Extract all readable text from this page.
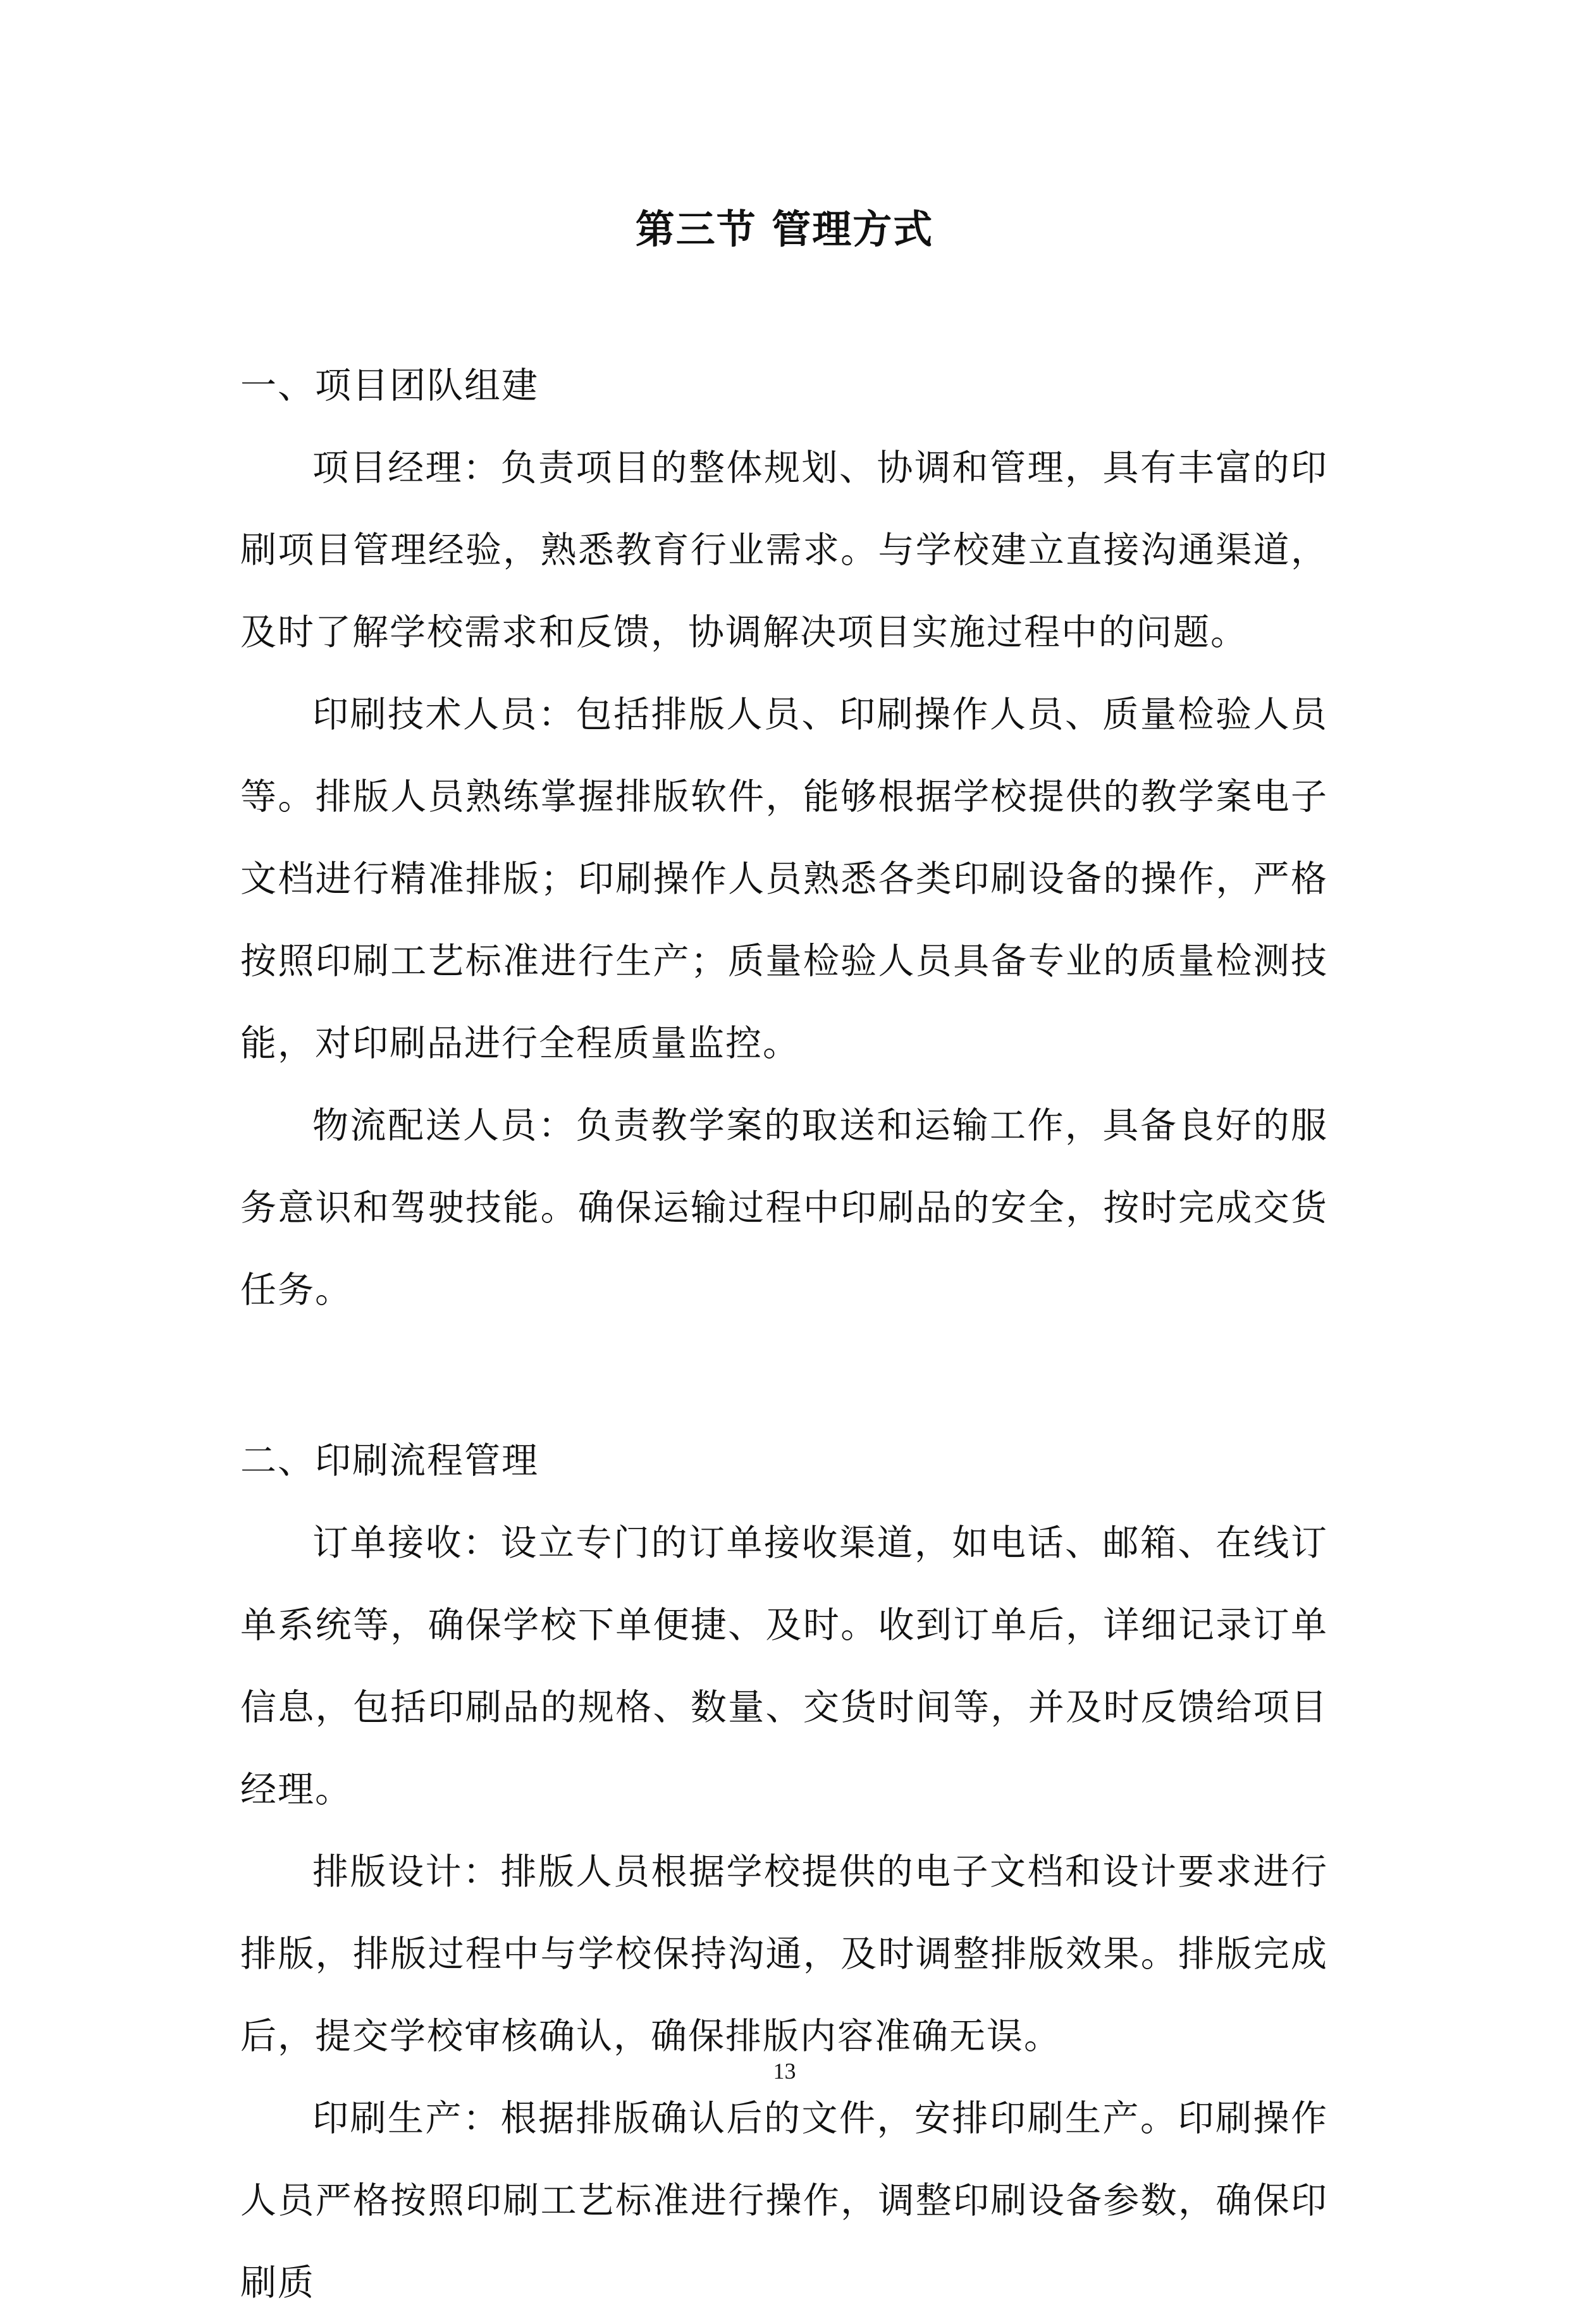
第三节 管理方式
一、项目团队组建

项目经理：负责项目的整体规划、协调和管理，具有丰富的印刷项目管理经验，熟悉教育行业需求。与学校建立直接沟通渠道，及时了解学校需求和反馈，协调解决项目实施过程中的问题。

印刷技术人员：包括排版人员、印刷操作人员、质量检验人员等。排版人员熟练掌握排版软件，能够根据学校提供的教学案电子文档进行精准排版；印刷操作人员熟悉各类印刷设备的操作，严格按照印刷工艺标准进行生产；质量检验人员具备专业的质量检测技能，对印刷品进行全程质量监控。

物流配送人员：负责教学案的取送和运输工作，具备良好的服务意识和驾驶技能。确保运输过程中印刷品的安全，按时完成交货任务。

二、印刷流程管理

订单接收：设立专门的订单接收渠道，如电话、邮箱、在线订单系统等，确保学校下单便捷、及时。收到订单后，详细记录订单信息，包括印刷品的规格、数量、交货时间等，并及时反馈给项目经理。

排版设计：排版人员根据学校提供的电子文档和设计要求进行排版，排版过程中与学校保持沟通，及时调整排版效果。排版完成后，提交学校审核确认，确保排版内容准确无误。

印刷生产：根据排版确认后的文件，安排印刷生产。印刷操作人员严格按照印刷工艺标准进行操作，调整印刷设备参数，确保印刷质

13
